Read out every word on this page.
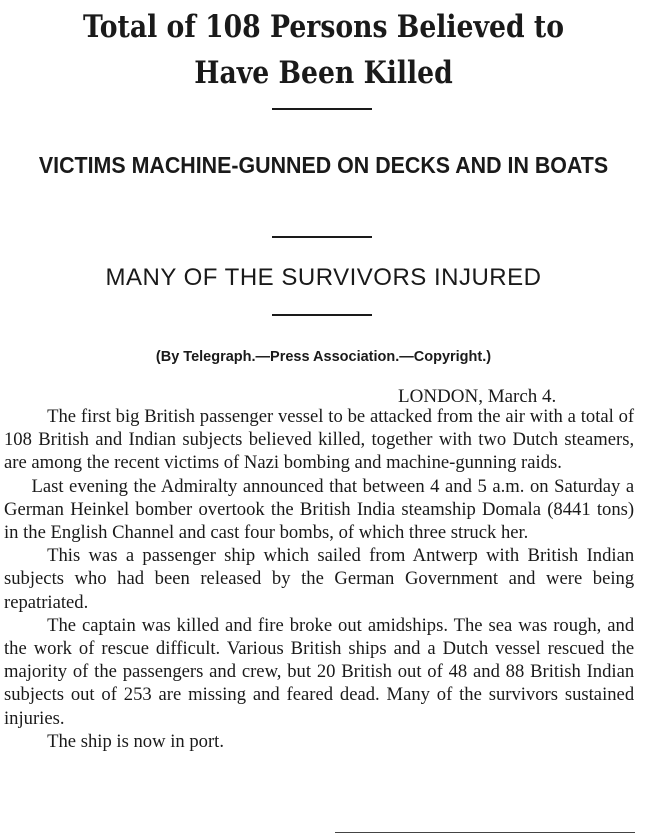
Total of 108 Persons Believed to Have Been Killed
VICTIMS MACHINE-GUNNED ON DECKS AND IN BOATS
MANY OF THE SURVIVORS INJURED

(By Telegraph.—Press Association.—Copyright.)

LONDON, March 4.

The first big British passenger vessel to be attacked from the air with a total of 108 British and Indian subjects believed killed, together with two Dutch steamers, are among the recent victims of Nazi bombing and machine-gunning raids.

Last evening the Admiralty announced that between 4 and 5 a.m. on Saturday a German Heinkel bomber overtook the British India steamship Domala (8441 tons) in the English Channel and cast four bombs, of which three struck her.

This was a passenger ship which sailed from Antwerp with British Indian subjects who had been released by the German Government and were being repatriated.

The captain was killed and fire broke out amidships. The sea was rough, and the work of rescue difficult. Various British ships and a Dutch vessel rescued the majority of the passengers and crew, but 20 British out of 48 and 88 British Indian subjects out of 253 are missing and feared dead. Many of the survivors sustained injuries.

The ship is now in port.
